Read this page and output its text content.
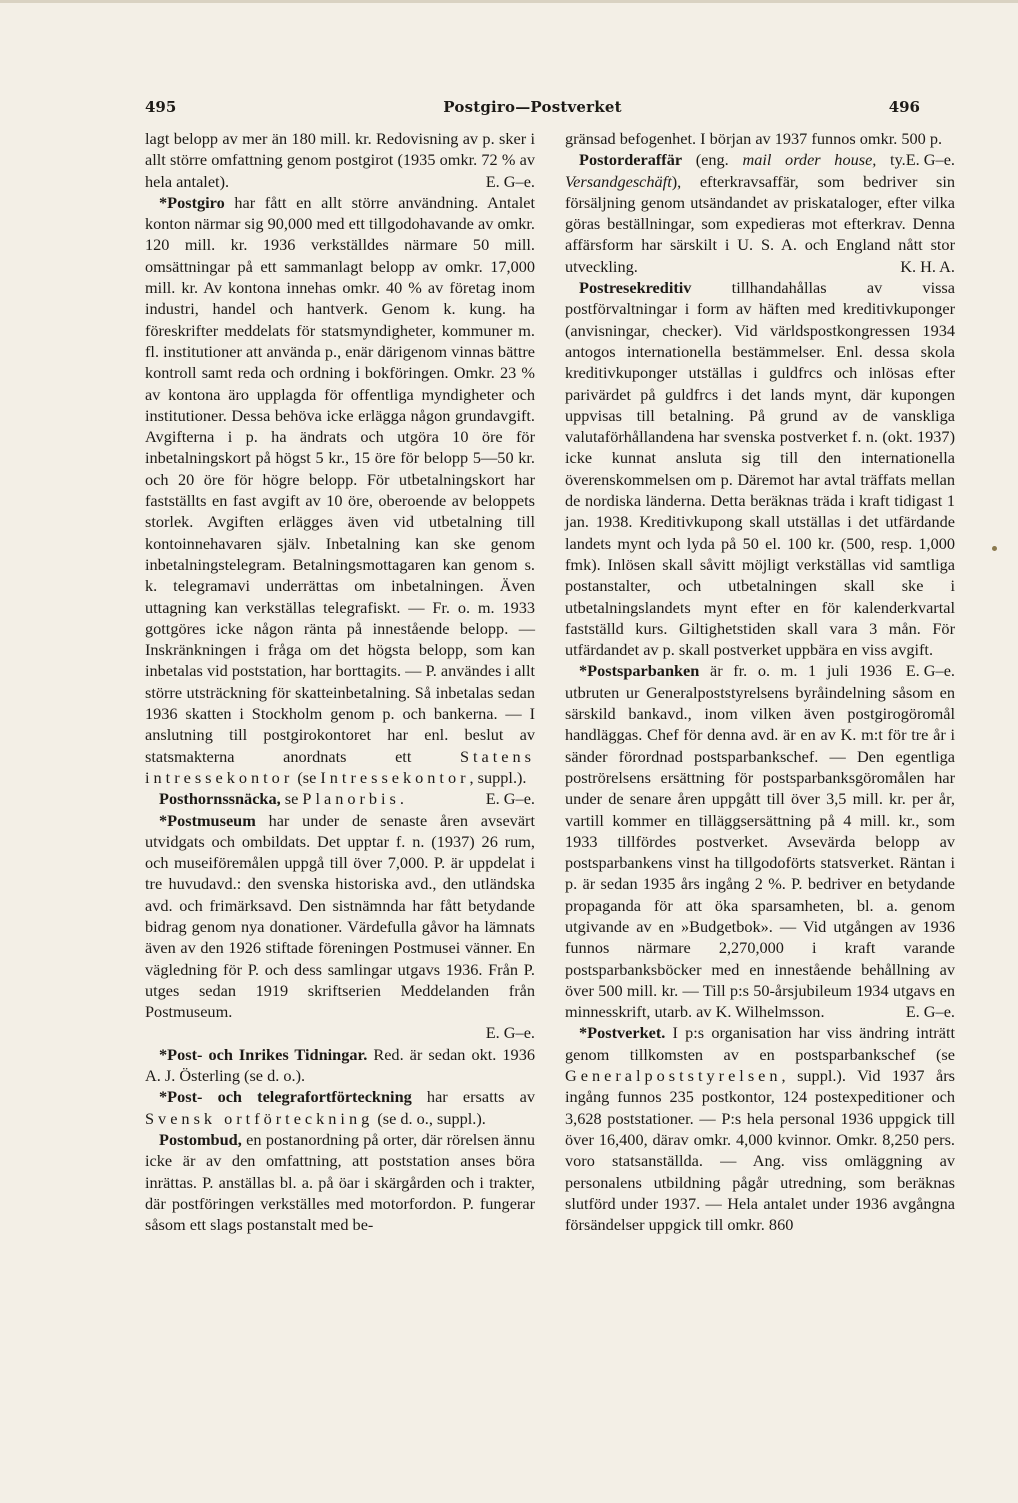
495	Postgiro—Postverket	496

lagt belopp av mer än 180 mill. kr. Redovisning av p. sker i allt större omfattning genom postgirot (1935 omkr. 72 % av hela antalet).	E. G–e.

*Postgiro har fått en allt större användning. Antalet konton närmar sig 90,000 med ett tillgodohavande av omkr. 120 mill. kr. 1936 verkställdes närmare 50 mill. omsättningar på ett sammanlagt belopp av omkr. 17,000 mill. kr. Av kontona innehas omkr. 40 % av företag inom industri, handel och hantverk. Genom k. kung. ha föreskrifter meddelats för statsmyndigheter, kommuner m. fl. institutioner att använda p., enär därigenom vinnas bättre kontroll samt reda och ordning i bokföringen. Omkr. 23 % av kontona äro upplagda för offentliga myndigheter och institutioner. Dessa behöva icke erlägga någon grundavgift. Avgifterna i p. ha ändrats och utgöra 10 öre för inbetalningskort på högst 5 kr., 15 öre för belopp 5—50 kr. och 20 öre för högre belopp. För utbetalningskort har fastställts en fast avgift av 10 öre, oberoende av beloppets storlek. Avgiften erlägges även vid utbetalning till kontoinnehavaren själv. Inbetalning kan ske genom inbetalningstelegram. Betalningsmottagaren kan genom s. k. telegramavi underrättas om inbetalningen. Även uttagning kan verkställas telegrafiskt. — Fr. o. m. 1933 gottgöres icke någon ränta på innestående belopp. — Inskränkningen i fråga om det högsta belopp, som kan inbetalas vid poststation, har borttagits. — P. användes i allt större utsträckning för skatteinbetalning. Så inbetalas sedan 1936 skatten i Stockholm genom p. och bankerna. — I anslutning till postgirokontoret har enl. beslut av statsmakterna anordnats ett Statens intressekontor (se Intressekontor, suppl.).
E. G–e.

Posthornssnäcka, se Planorbis.

*Postmuseum har under de senaste åren avsevärt utvidgats och ombildats. Det upptar f. n. (1937) 26 rum, och museiföremålen uppgå till över 7,000. P. är uppdelat i tre huvudavd.: den svenska historiska avd., den utländska avd. och frimärksavd. Den sistnämnda har fått betydande bidrag genom nya donationer. Värdefulla gåvor ha lämnats även av den 1926 stiftade föreningen Postmusei vänner. En vägledning för P. och dess samlingar utgavs 1936. Från P. utges sedan 1919 skriftserien Meddelanden från Postmuseum.
E. G–e.

*Post- och Inrikes Tidningar. Red. är sedan okt. 1936 A. J. Österling (se d. o.).

*Post- och telegrafortförteckning har ersatts av Svensk ortförteckning (se d. o., suppl.).

Postombud, en postanordning på orter, där rörelsen ännu icke är av den omfattning, att poststation anses böra inrättas. P. anställas bl. a. på öar i skärgården och i trakter, där postföringen verkställes med motorfordon. P. fungerar såsom ett slags postanstalt med be-

gränsad befogenhet. I början av 1937 funnos omkr. 500 p.
E. G–e.

Postorderaffär (eng. mail order house, ty. Versandgeschäft), efterkravsaffär, som bedriver sin försäljning genom utsändandet av priskataloger, efter vilka göras beställningar, som expedieras mot efterkrav. Denna affärsform har särskilt i U. S. A. och England nått stor utveckling.	K. H. A.

Postresekreditiv tillhandahållas av vissa postförvaltningar i form av häften med kreditivkuponger (anvisningar, checker). Vid världspostkongressen 1934 antogos internationella bestämmelser. Enl. dessa skola kreditivkuponger utställas i guldfrcs och inlösas efter parivärdet på guldfrcs i det lands mynt, där kupongen uppvisas till betalning. På grund av de vanskliga valutaförhållandena har svenska postverket f. n. (okt. 1937) icke kunnat ansluta sig till den internationella överenskommelsen om p. Däremot har avtal träffats mellan de nordiska länderna. Detta beräknas träda i kraft tidigast 1 jan. 1938. Kreditivkupong skall utställas i det utfärdande landets mynt och lyda på 50 el. 100 kr. (500, resp. 1,000 fmk). Inlösen skall såvitt möjligt verkställas vid samtliga postanstalter, och utbetalningen skall ske i utbetalningslandets mynt efter en för kalenderkvartal fastställd kurs. Giltighetstiden skall vara 3 mån. För utfärdandet av p. skall postverket uppbära en viss avgift.
E. G–e.

*Postsparbanken är fr. o. m. 1 juli 1936 utbruten ur Generalpoststyrelsens byråindelning såsom en särskild bankavd., inom vilken även postgirogöromål handläggas. Chef för denna avd. är en av K. m:t för tre år i sänder förordnad postsparbankschef. — Den egentliga poströrelsens ersättning för postsparbanksgöromålen har under de senare åren uppgått till över 3,5 mill. kr. per år, vartill kommer en tilläggsersättning på 4 mill. kr., som 1933 tillfördes postverket. Avsevärda belopp av postsparbankens vinst ha tillgodoförts statsverket. Räntan i p. är sedan 1935 års ingång 2 %. P. bedriver en betydande propaganda för att öka sparsamheten, bl. a. genom utgivande av en »Budgetbok». — Vid utgången av 1936 funnos närmare 2,270,000 i kraft varande postsparbanksböcker med en innestående behållning av över 500 mill. kr. — Till p:s 50-årsjubileum 1934 utgavs en minnesskrift, utarb. av K. Wilhelmsson.	E. G–e.

*Postverket. I p:s organisation har viss ändring inträtt genom tillkomsten av en postsparbankschef (se Generalpoststyrelsen, suppl.). Vid 1937 års ingång funnos 235 postkontor, 124 postexpeditioner och 3,628 poststationer. — P:s hela personal 1936 uppgick till över 16,400, därav omkr. 4,000 kvinnor. Omkr. 8,250 pers. voro statsanställda. — Ang. viss omläggning av personalens utbildning pågår utredning, som beräknas slutförd under 1937. — Hela antalet under 1936 avgångna försändelser uppgick till omkr. 860
